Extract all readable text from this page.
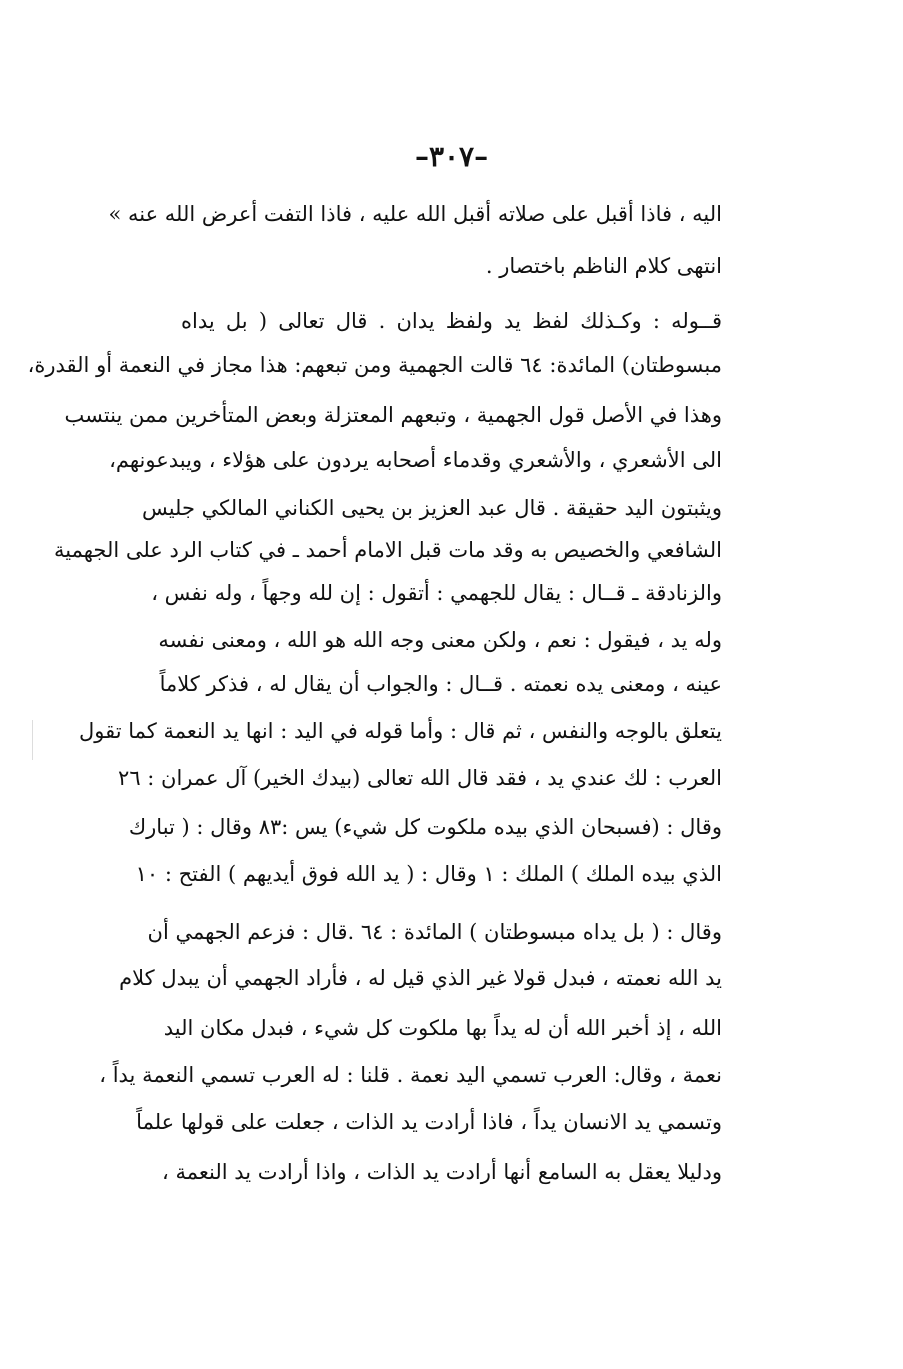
–٣٠٧–
اليه ، فاذا أقبل على صلاته أقبل الله عليه ، فاذا التفت أعرض الله عنه »
انتهى كلام الناظم باختصار .
قــوله : وكـذلك لفظ يد ولفظ يدان . قال تعالى ( بل يداه
مبسوطتان) المائدة: ٦٤ قالت الجهمية ومن تبعهم: هذا مجاز في النعمة أو القدرة،
وهذا في الأصل قول الجهمية ، وتبعهم المعتزلة وبعض المتأخرين ممن ينتسب
الى الأشعري ، والأشعري وقدماء أصحابه يردون على هؤلاء ، ويبدعونهم،
ويثبتون اليد حقيقة . قال عبد العزيز بن يحيى الكناني المالكي جليس
الشافعي والخصيص به وقد مات قبل الامام أحمد ـ في كتاب الرد على الجهمية
والزنادقة ـ قــال : يقال للجهمي : أتقول : إن لله وجهاً ، وله نفس ،
وله يد ، فيقول : نعم ، ولكن معنى وجه الله هو الله ، ومعنى نفسه
عينه ، ومعنى يده نعمته . قــال : والجواب أن يقال له ، فذكر كلاماً
يتعلق بالوجه والنفس ، ثم قال : وأما قوله في اليد : انها يد النعمة كما تقول
العرب : لك عندي يد ، فقد قال الله تعالى (بيدك الخير) آل عمران : ٢٦
وقال : (فسبحان الذي بيده ملكوت كل شيء) يس :٨٣ وقال : ( تبارك
الذي بيده الملك ) الملك : ١ وقال : ( يد الله فوق أيديهم ) الفتح : ١٠
وقال : ( بل يداه مبسوطتان ) المائدة : ٦٤ .قال : فزعم الجهمي أن
يد الله نعمته ، فبدل قولا غير الذي قيل له ، فأراد الجهمي أن يبدل كلام
الله ، إذ أخبر الله أن له يداً بها ملكوت كل شيء ، فبدل مكان اليد
نعمة ، وقال: العرب تسمي اليد نعمة . قلنا : له العرب تسمي النعمة يداً ،
وتسمي يد الانسان يداً ، فاذا أرادت يد الذات ، جعلت على قولها علماً
ودليلا يعقل به السامع أنها أرادت يد الذات ، واذا أرادت يد النعمة ،
